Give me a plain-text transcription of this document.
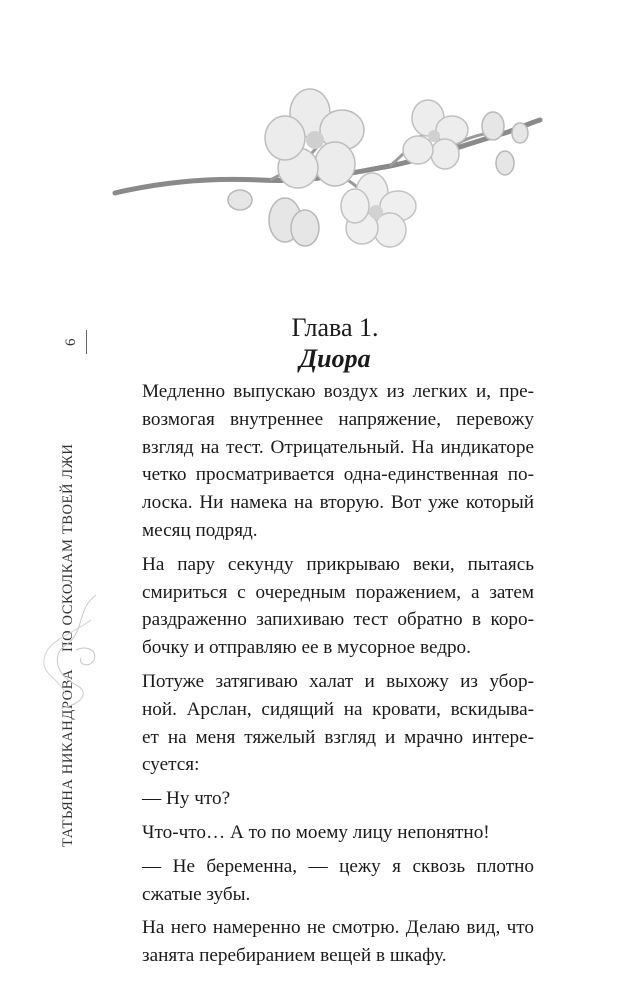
6
ТАТЬЯНА НИКАНДРОВА    ПО ОСКОЛКАМ ТВОЕЙ ЛЖИ
Глава 1.
Диора

Медленно выпускаю воздух из легких и, пре-
возмогая внутреннее напряжение, перевожу
взгляд на тест. Отрицательный. На индикаторе
четко просматривается одна-единственная по-
лоска. Ни намека на вторую. Вот уже который
месяц подряд.

На пару секунду прикрываю веки, пытаясь
смириться с очередным поражением, а затем
раздраженно запихиваю тест обратно в коро-
бочку и отправляю ее в мусорное ведро.

Потуже затягиваю халат и выхожу из убор-
ной. Арслан, сидящий на кровати, вскидыва-
ет на меня тяжелый взгляд и мрачно интере-
суется:

— Ну что?

Что-что… А то по моему лицу непонятно!

— Не беременна, — цежу я сквозь плотно
сжатые зубы.

На него намеренно не смотрю. Делаю вид, что
занята перебиранием вещей в шкафу.
